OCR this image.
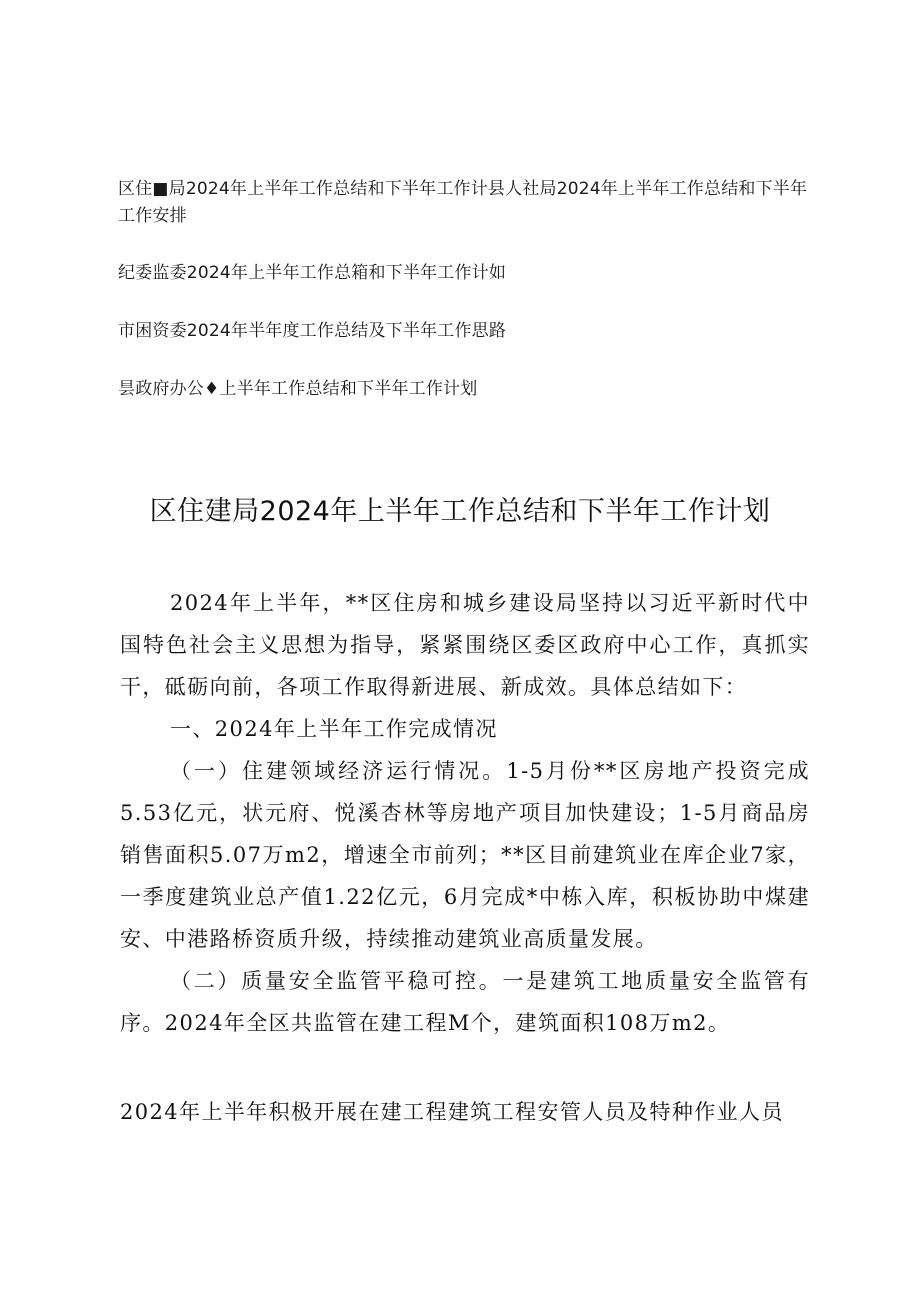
区住■局2024年上半年工作总结和下半年工作计县人社局2024年上半年工作总结和下半年工作安排

纪委监委2024年上半年工作总箱和下半年工作计如

市困资委2024年半年度工作总结及下半年工作思路

昙政府办公♦上半年工作总结和下半年工作计划

区住建局2024年上半年工作总结和下半年工作计划

2024年上半年，**区住房和城乡建设局坚持以习近平新时代中国特色社会主义思想为指导，紧紧围绕区委区政府中心工作，真抓实干，砥砺向前，各项工作取得新进展、新成效。具体总结如下：

一、2024年上半年工作完成情况

（一）住建领域经济运行情况。1-5月份**区房地产投资完成5.53亿元，状元府、悦溪杏林等房地产项目加快建设；1-5月商品房销售面积5.07万m2，增速全市前列；**区目前建筑业在库企业7家，一季度建筑业总产值1.22亿元，6月完成*中栋入库，积板协助中煤建安、中港路桥资质升级，持续推动建筑业高质量发展。

（二）质量安全监管平稳可控。一是建筑工地质量安全监管有序。2024年全区共监管在建工程M个，建筑面积108万m2。

2024年上半年积极开展在建工程建筑工程安管人员及特种作业人员
